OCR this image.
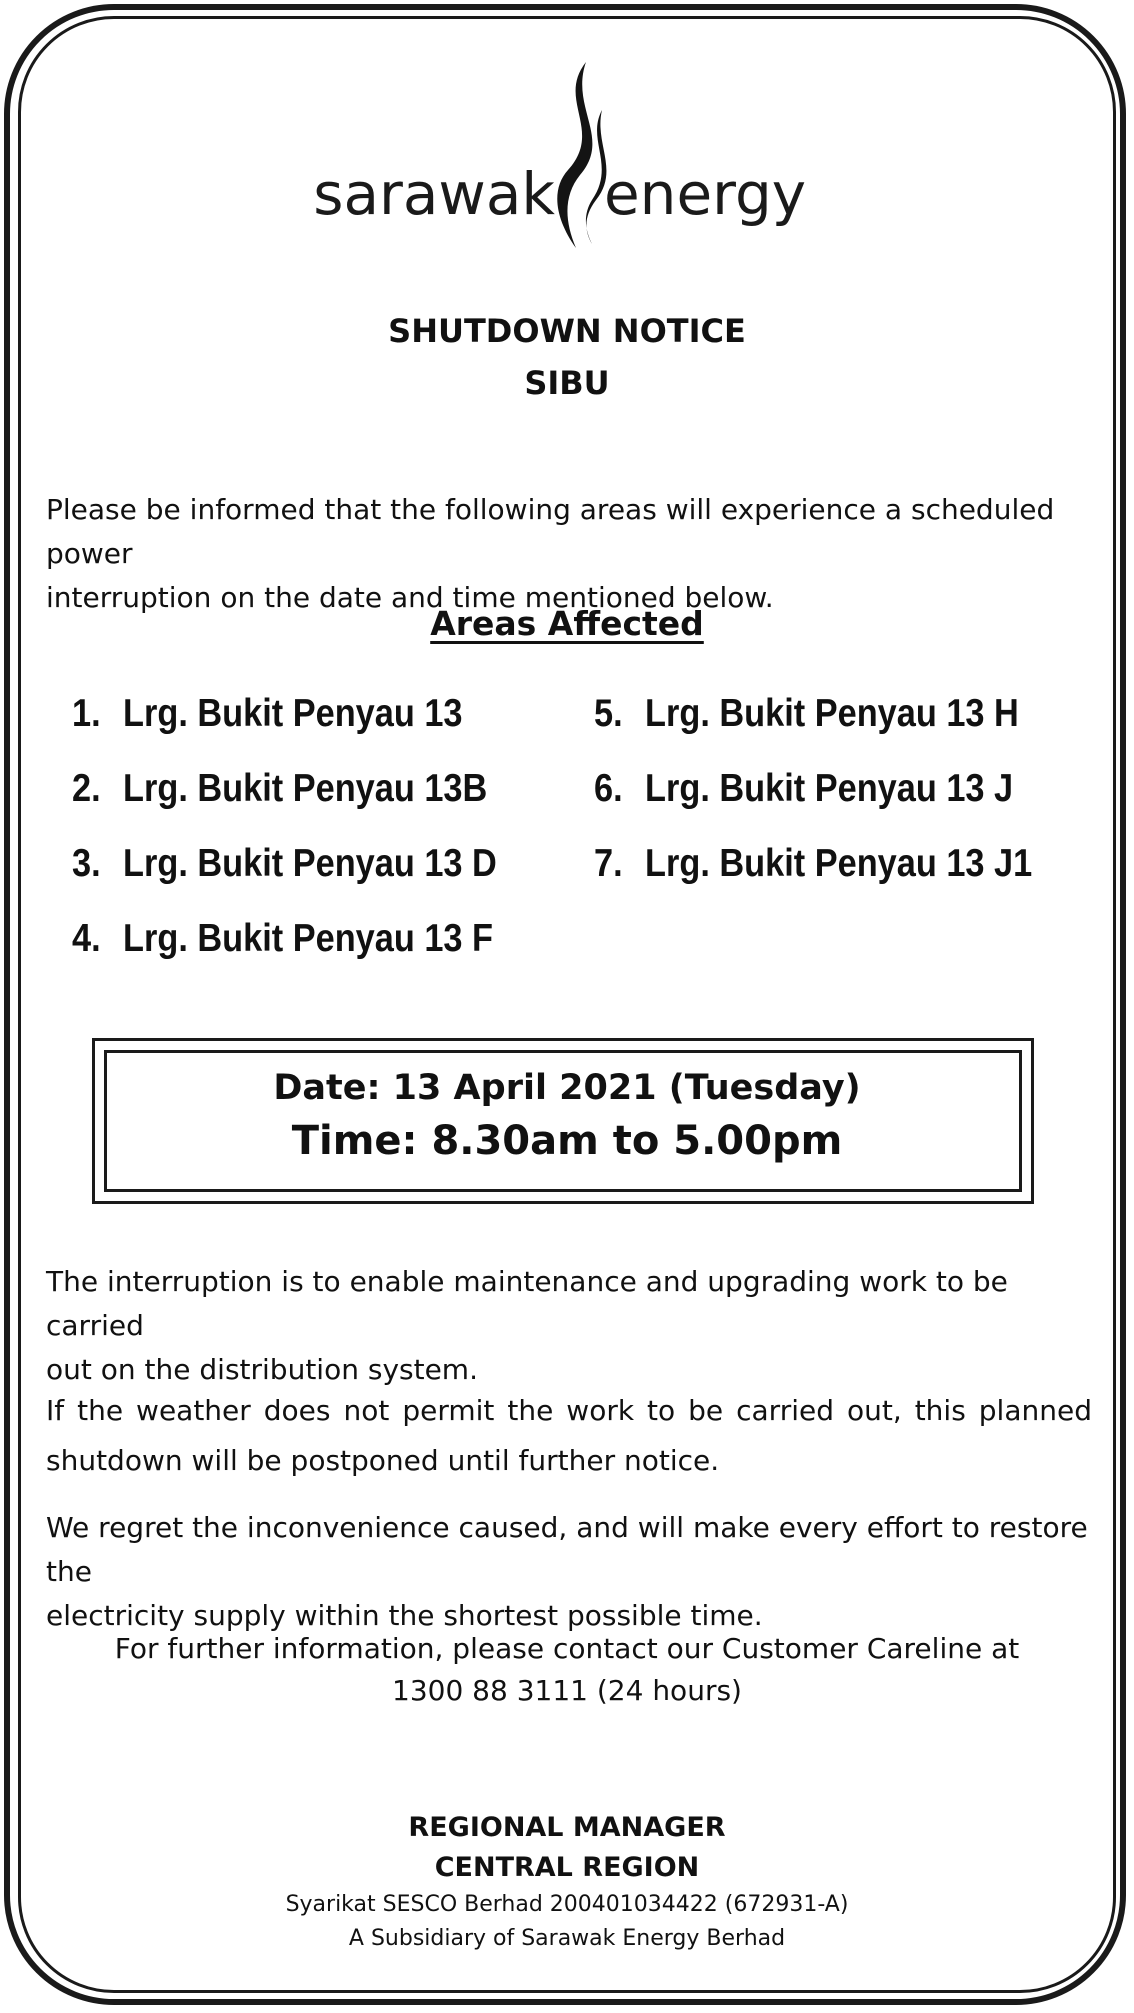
sarawak energy
SHUTDOWN NOTICE
SIBU
Please be informed that the following areas will experience a scheduled power
interruption on the date and time mentioned below.
Areas Affected
1. Lrg. Bukit Penyau 13
2. Lrg. Bukit Penyau 13B
3. Lrg. Bukit Penyau 13 D
4. Lrg. Bukit Penyau 13 F
5. Lrg. Bukit Penyau 13 H
6. Lrg. Bukit Penyau 13 J
7. Lrg. Bukit Penyau 13 J1
Date: 13 April 2021 (Tuesday)
Time: 8.30am to 5.00pm
The interruption is to enable maintenance and upgrading work to be carried
out on the distribution system.
If the weather does not permit the work to be carried out, this planned
shutdown will be postponed until further notice.
We regret the inconvenience caused, and will make every effort to restore the
electricity supply within the shortest possible time.
For further information, please contact our Customer Careline at
1300 88 3111 (24 hours)
REGIONAL MANAGER
CENTRAL REGION
Syarikat SESCO Berhad 200401034422 (672931-A)
A Subsidiary of Sarawak Energy Berhad
